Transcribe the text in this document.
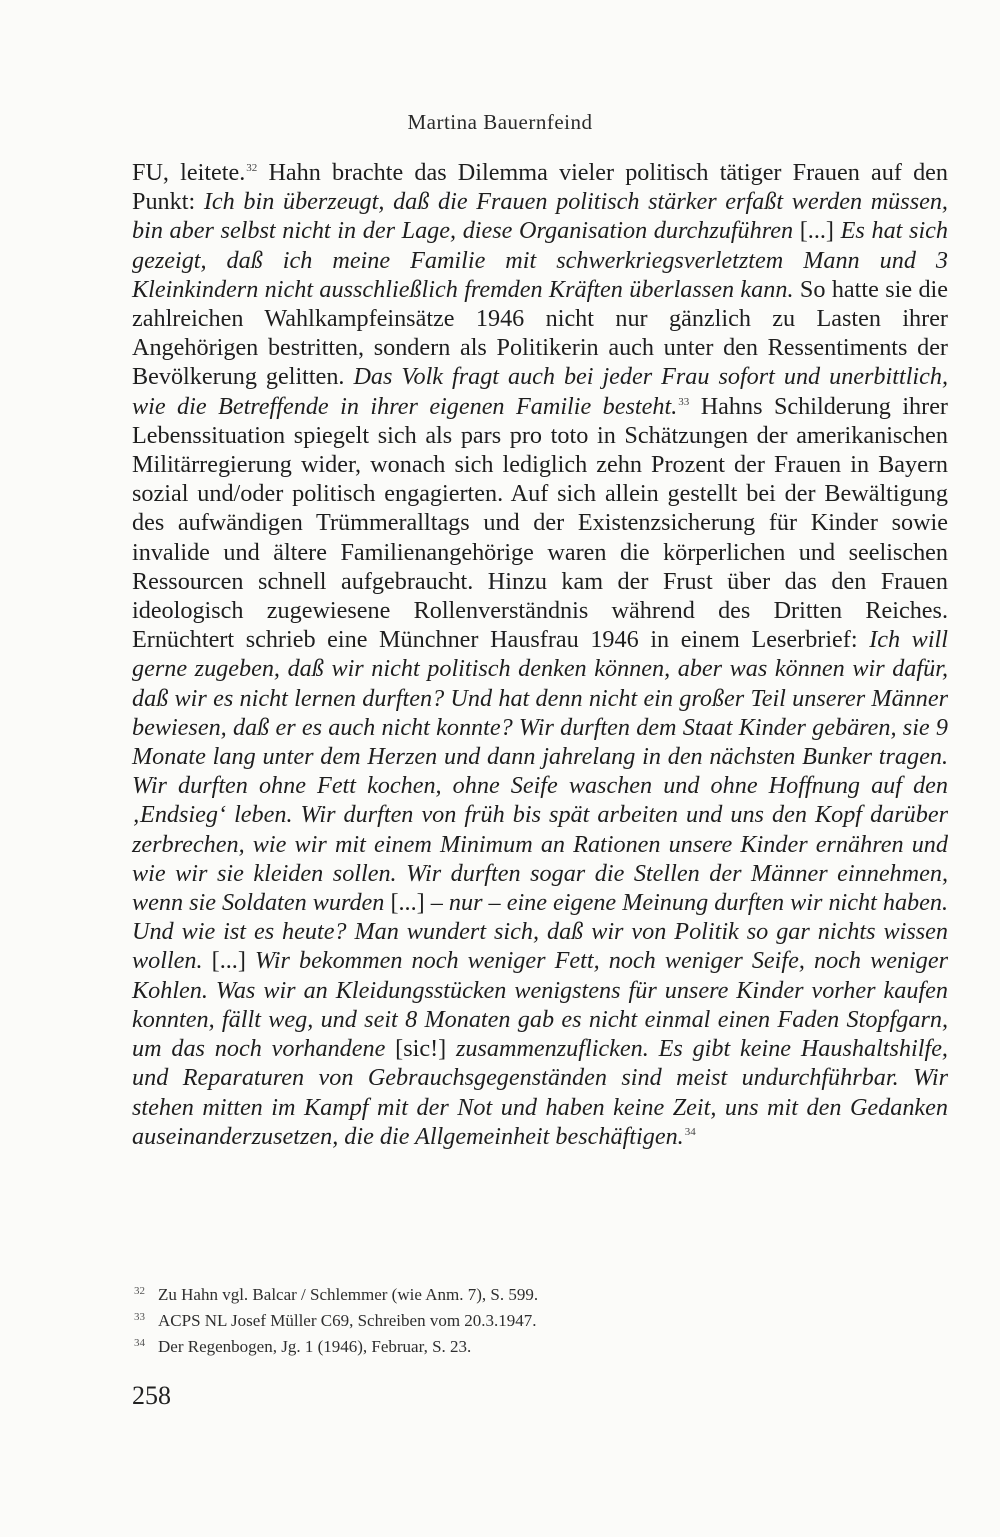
Martina Bauernfeind
FU, leitete.$^{32}$ Hahn brachte das Dilemma vieler politisch tätiger Frauen auf den Punkt: Ich bin überzeugt, daß die Frauen politisch stärker erfaßt werden müssen, bin aber selbst nicht in der Lage, diese Organisation durchzuführen [...] Es hat sich gezeigt, daß ich meine Familie mit schwerkriegsverletztem Mann und 3 Kleinkindern nicht ausschließlich fremden Kräften überlassen kann. So hatte sie die zahlreichen Wahlkampfeinsätze 1946 nicht nur gänzlich zu Lasten ihrer Angehörigen bestritten, sondern als Politikerin auch unter den Ressentiments der Bevölkerung gelitten. Das Volk fragt auch bei jeder Frau sofort und unerbittlich, wie die Betreffende in ihrer eigenen Familie besteht.$^{33}$ Hahns Schilderung ihrer Lebenssituation spiegelt sich als pars pro toto in Schätzungen der amerikanischen Militärregierung wider, wonach sich lediglich zehn Prozent der Frauen in Bayern sozial und/oder politisch engagierten. Auf sich allein gestellt bei der Bewältigung des aufwändigen Trümmeralltags und der Existenzsicherung für Kinder sowie invalide und ältere Familienangehörige waren die körperlichen und seelischen Ressourcen schnell aufgebraucht. Hinzu kam der Frust über das den Frauen ideologisch zugewiesene Rollenverständnis während des Dritten Reiches. Ernüchtert schrieb eine Münchner Hausfrau 1946 in einem Leserbrief: Ich will gerne zugeben, daß wir nicht politisch denken können, aber was können wir dafür, daß wir es nicht lernen durften? Und hat denn nicht ein großer Teil unserer Männer bewiesen, daß er es auch nicht konnte? Wir durften dem Staat Kinder gebären, sie 9 Monate lang unter dem Herzen und dann jahrelang in den nächsten Bunker tragen. Wir durften ohne Fett kochen, ohne Seife waschen und ohne Hoffnung auf den ‚Endsieg‘ leben. Wir durften von früh bis spät arbeiten und uns den Kopf darüber zerbrechen, wie wir mit einem Minimum an Rationen unsere Kinder ernähren und wie wir sie kleiden sollen. Wir durften sogar die Stellen der Männer einnehmen, wenn sie Soldaten wurden [...] – nur – eine eigene Meinung durften wir nicht haben. Und wie ist es heute? Man wundert sich, daß wir von Politik so gar nichts wissen wollen. [...] Wir bekommen noch weniger Fett, noch weniger Seife, noch weniger Kohlen. Was wir an Kleidungsstücken wenigstens für unsere Kinder vorher kaufen konnten, fällt weg, und seit 8 Monaten gab es nicht einmal einen Faden Stopfgarn, um das noch vorhandene [sic!] zusammenzuflicken. Es gibt keine Haushaltshilfe, und Reparaturen von Gebrauchsgegenständen sind meist undurchführbar. Wir stehen mitten im Kampf mit der Not und haben keine Zeit, uns mit den Gedanken auseinanderzusetzen, die die Allgemeinheit beschäftigen.$^{34}$
32 Zu Hahn vgl. Balcar / Schlemmer (wie Anm. 7), S. 599.
33 ACPS NL Josef Müller C69, Schreiben vom 20.3.1947.
34 Der Regenbogen, Jg. 1 (1946), Februar, S. 23.
258
